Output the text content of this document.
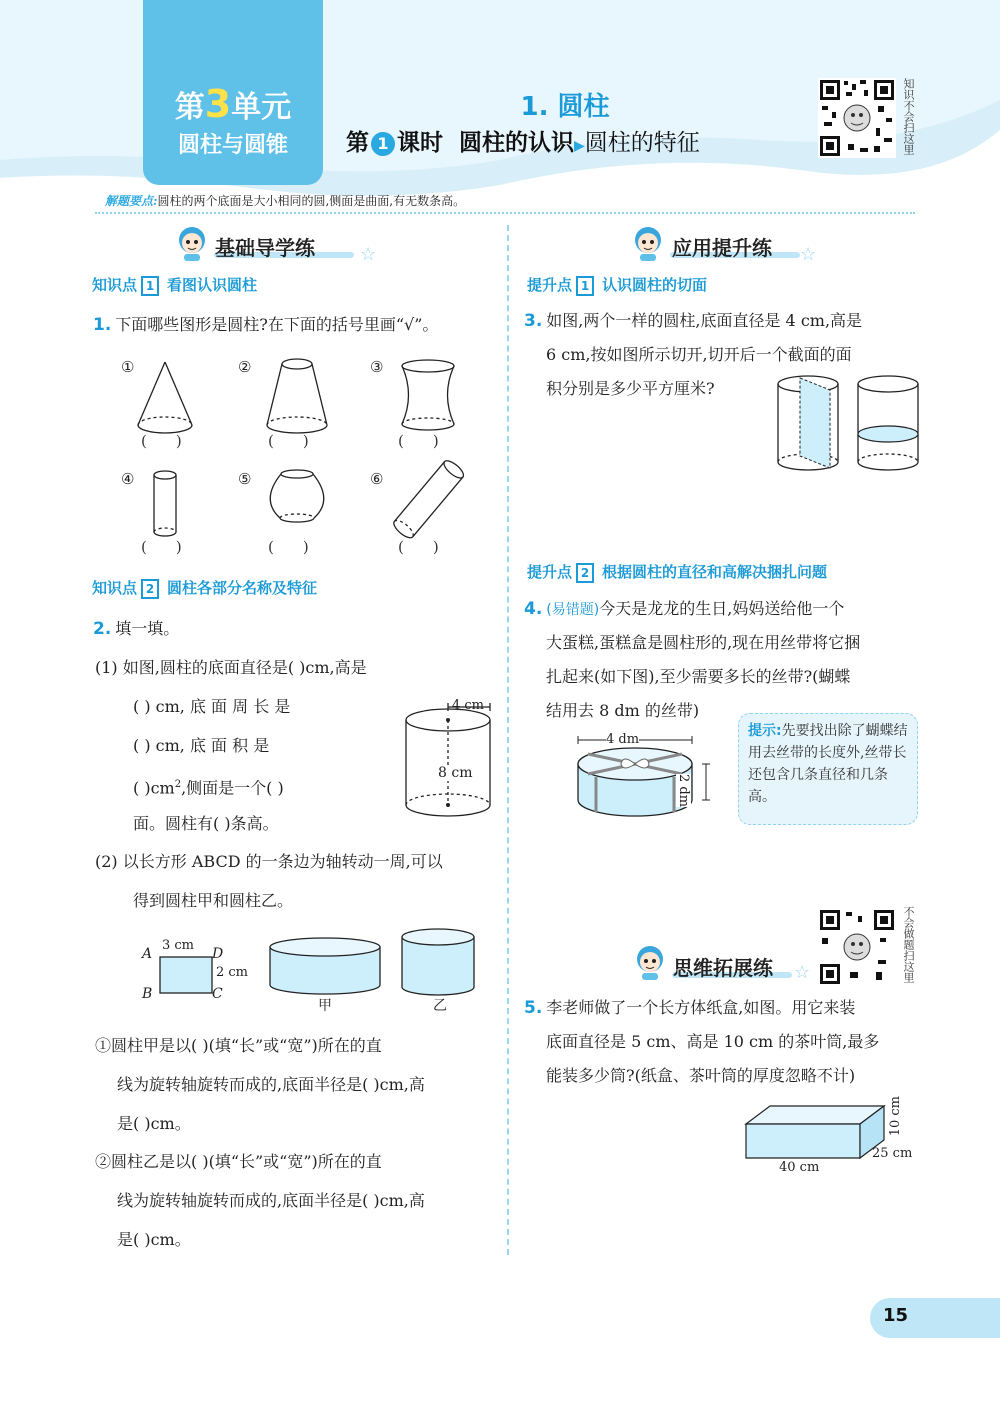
第3单元
圆柱与圆锥
1. 圆柱
第 1 课时 圆柱的认识▶圆柱的特征	知识不会扫这里
解题要点:圆柱的两个底面是大小相同的圆,侧面是曲面,有无数条高。
基础导学练	☆
知识点 1 看图认识圆柱
1. 下面哪些图形是圆柱?在下面的括号里画“√”。
①	②	③
④	⑤	⑥
(    )	(    )	(    )
(    )	(    )	(    )
知识点 2 圆柱各部分名称及特征
2. 填一填。
(1) 如图,圆柱的底面直径是( )cm,高是
( ) cm, 底 面 周 长 是
( ) cm, 底 面 积 是
( )$cm^2$,侧面是一个( )
面。圆柱有( )条高。
4 cm
8 cm
(2) 以长方形 ABCD 的一条边为轴转动一周,可以
得到圆柱甲和圆柱乙。
A
B	C
D
3 cm
2 cm
甲	乙
①圆柱甲是以( )(填“长”或“宽”)所在的直
线为旋转轴旋转而成的,底面半径是( )cm,高
是( )cm。
②圆柱乙是以( )(填“长”或“宽”)所在的直
线为旋转轴旋转而成的,底面半径是( )cm,高
是( )cm。
应用提升练 ☆
提升点 1 认识圆柱的切面
3. 如图,两个一样的圆柱,底面直径是 4 cm,高是
6 cm,按如图所示切开,切开后一个截面的面
积分别是多少平方厘米?
提升点 2 根据圆柱的直径和高解决捆扎问题
4. (易错题)今天是龙龙的生日,妈妈送给他一个
大蛋糕,蛋糕盒是圆柱形的,现在用丝带将它捆
扎起来(如下图),至少需要多长的丝带?(蝴蝶
结用去 8 dm 的丝带)
4 dm
2 dm
提示:先要找出除了蝴蝶结用去丝带的长度外,丝带长还包含几条直径和几条高。
不会做题扫这里
思维拓展练 ☆
5. 李老师做了一个长方体纸盒,如图。用它来装
底面直径是 5 cm、高是 10 cm 的茶叶筒,最多
能装多少筒?(纸盒、茶叶筒的厚度忽略不计)
40 cm
25 cm
10 cm
15
